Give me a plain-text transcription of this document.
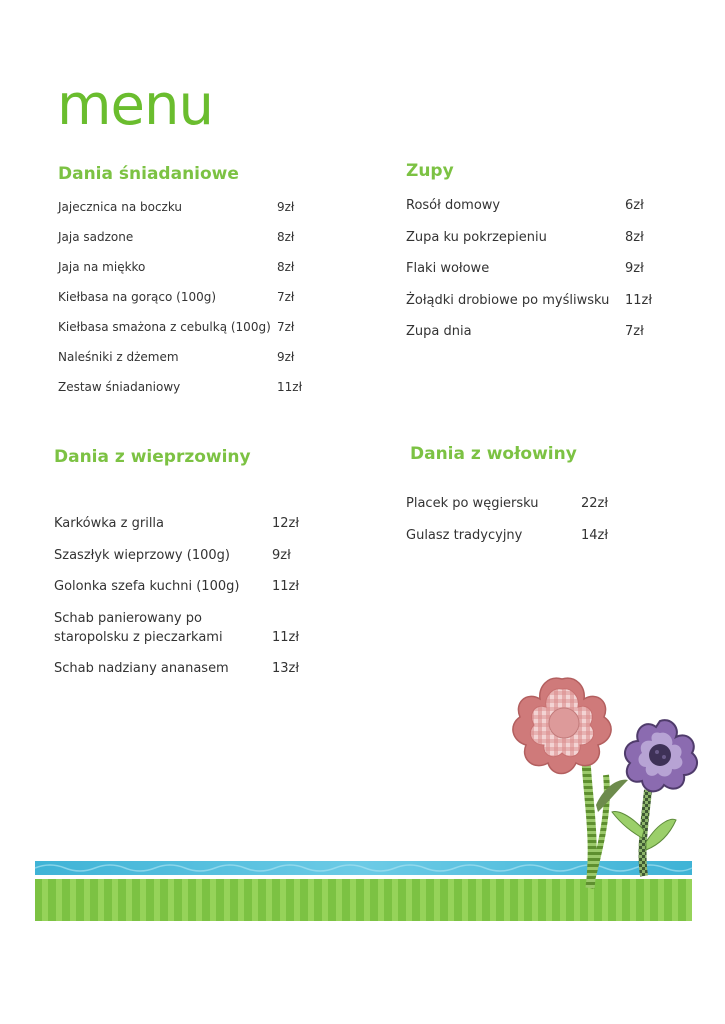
menu
Dania śniadaniowe
Jajecznica na boczku	9zł
Jaja sadzone	8zł
Jaja na miękko	8zł
Kiełbasa na gorąco (100g)	7zł
Kiełbasa smażona z cebulką (100g) 7zł
Naleśniki z dżemem	9zł
Zestaw śniadaniowy	11zł
Zupy
Rosół domowy	6zł
Zupa ku pokrzepieniu	8zł
Flaki wołowe	9zł
Żołądki drobiowe po myśliwsku	11zł
Zupa dnia	7zł
Dania z wieprzowiny
Karkówka z grilla	12zł
Szaszłyk wieprzowy (100g)	9zł
Golonka szefa kuchni (100g)	11zł
Schab panierowany po staropolsku z pieczarkami	11zł
Schab nadziany ananasem	13zł
Dania z wołowiny
Placek po węgiersku	22zł
Gulasz tradycyjny	14zł
